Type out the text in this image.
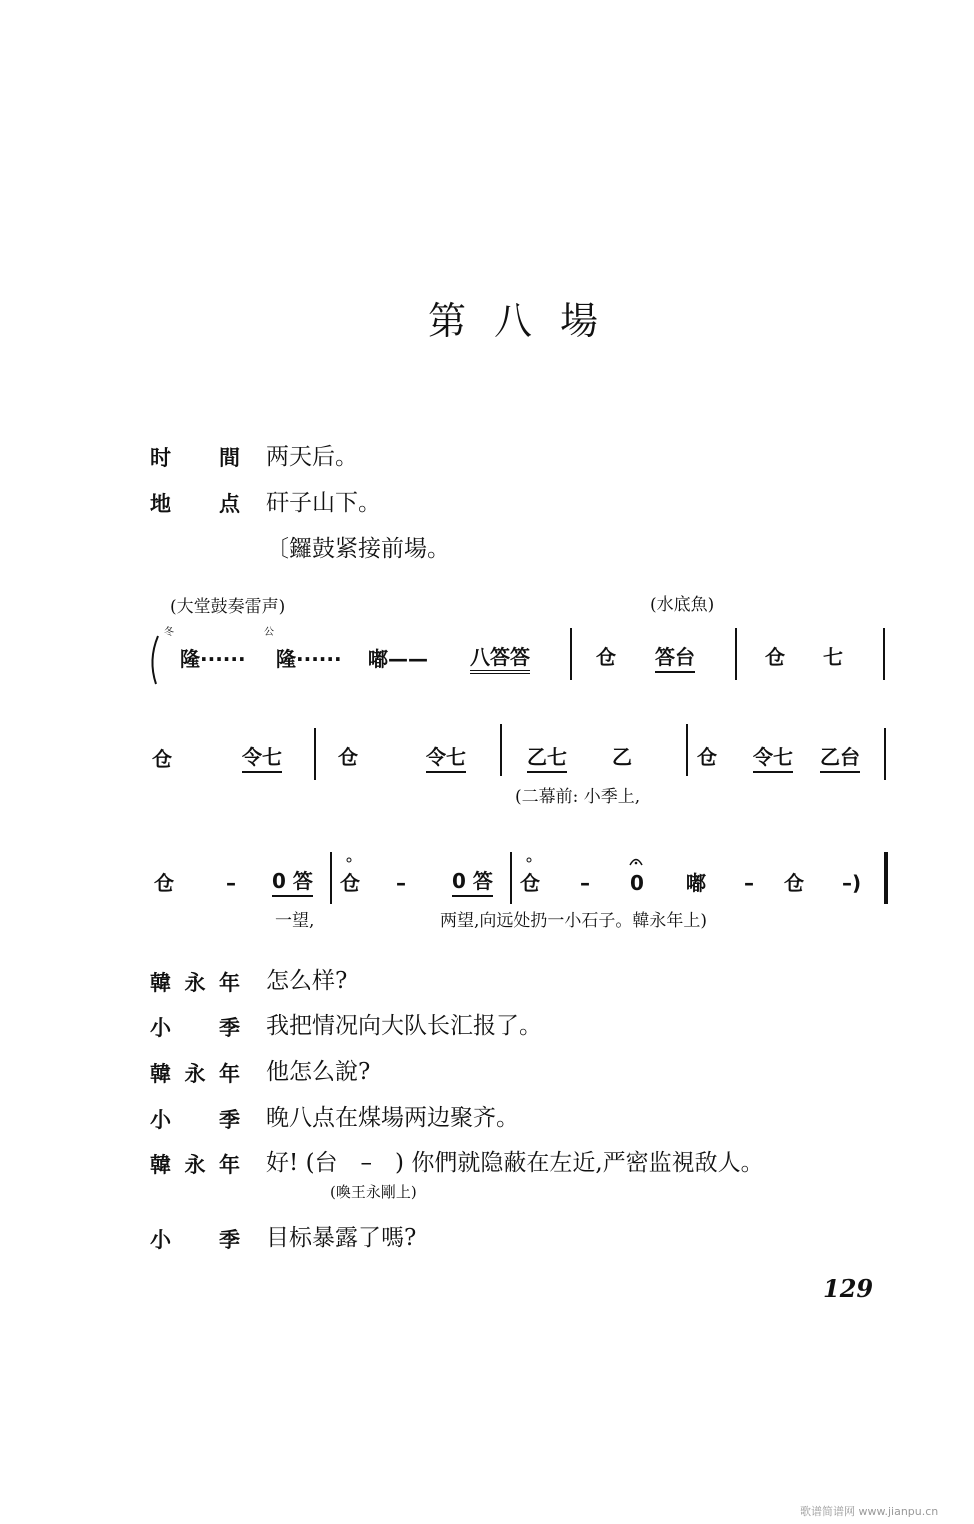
第八場
时 間 两天后。
地 点 矸子山下。
〔鑼鼓紧接前場。
(大堂鼓奏雷声)	(水底魚)
冬	公
隆······ 隆······ 嘟—— 八答答	仓 答台	仓 七
仓	令七	仓	令七	乙七 乙	仓 令七 乙台
(二幕前: 小季上,
仓	– 0 答 仓 – 0 答 仓 – 0 嘟 – 仓 –)
一望,	两望,向远处扔一小石子。韓永年上)
韓 永 年 怎么样?
小 季 我把情况向大队长汇报了。
韓 永 年 他怎么說?
小 季 晚八点在煤場两边聚齐。
韓 永 年 好! (台　–　) 你們就隐蔽在左近,严密监視敌人。
(喚王永剛上)
小 季 目标暴露了嗎?
129
歌谱简谱网 www.jianpu.cn
